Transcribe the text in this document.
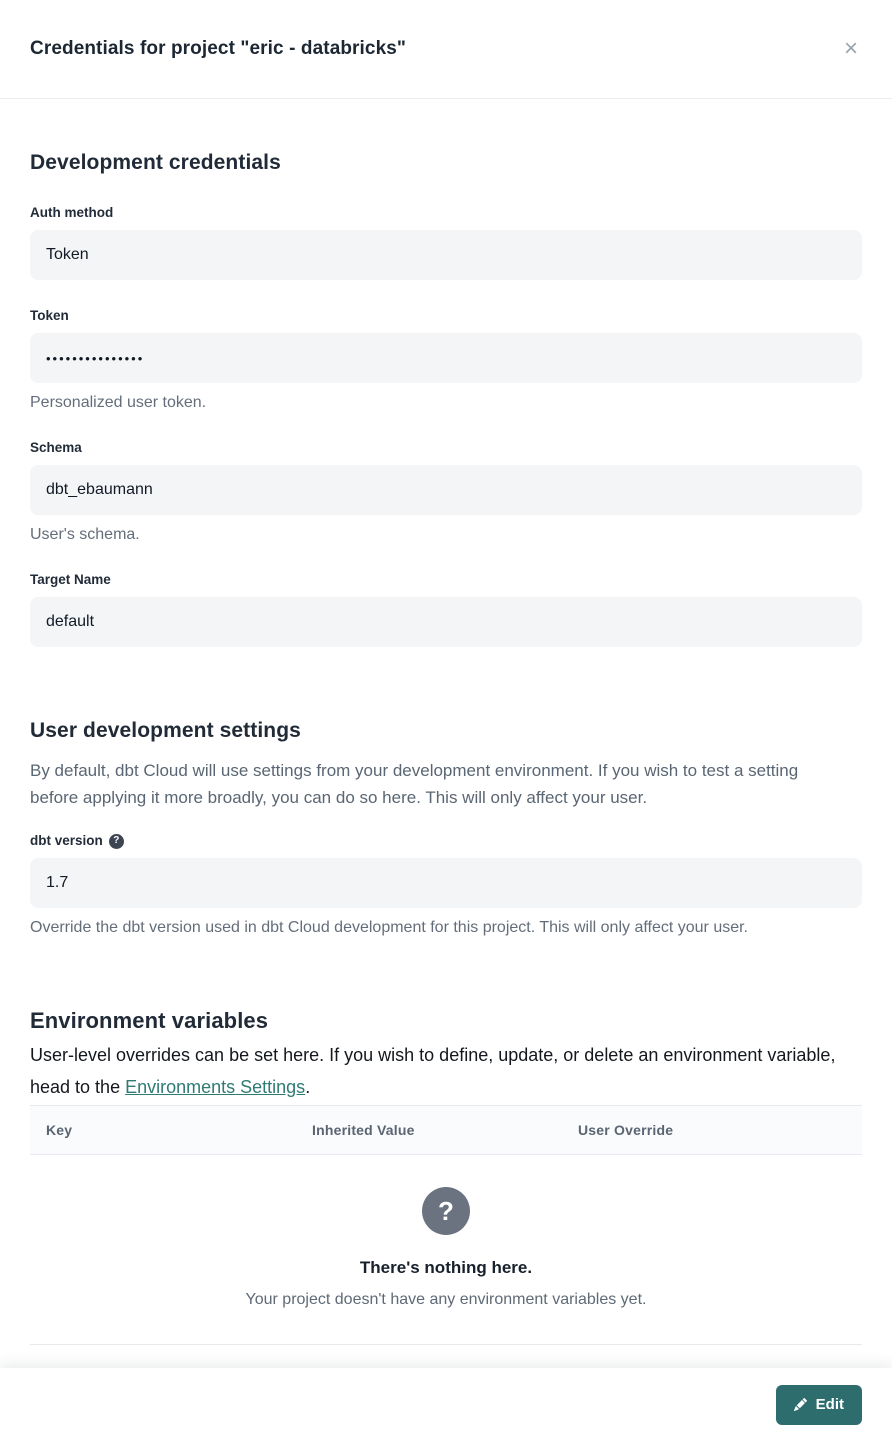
Credentials for project "eric - databricks"	×
Development credentials
Auth method
Token
Token
•••••••••••••••
Personalized user token.
Schema
dbt_ebaumann
User's schema.
Target Name
default
User development settings

By default, dbt Cloud will use settings from your development environment. If you wish to test a setting before applying it more broadly, you can do so here. This will only affect your user.

dbt version ?
1.7
Override the dbt version used in dbt Cloud development for this project. This will only affect your user.
Environment variables

User-level overrides can be set here. If you wish to define, update, or delete an environment variable, head to the Environments Settings.

Key	Inherited Value	User Override
?
There's nothing here.
Your project doesn't have any environment variables yet.
Edit
